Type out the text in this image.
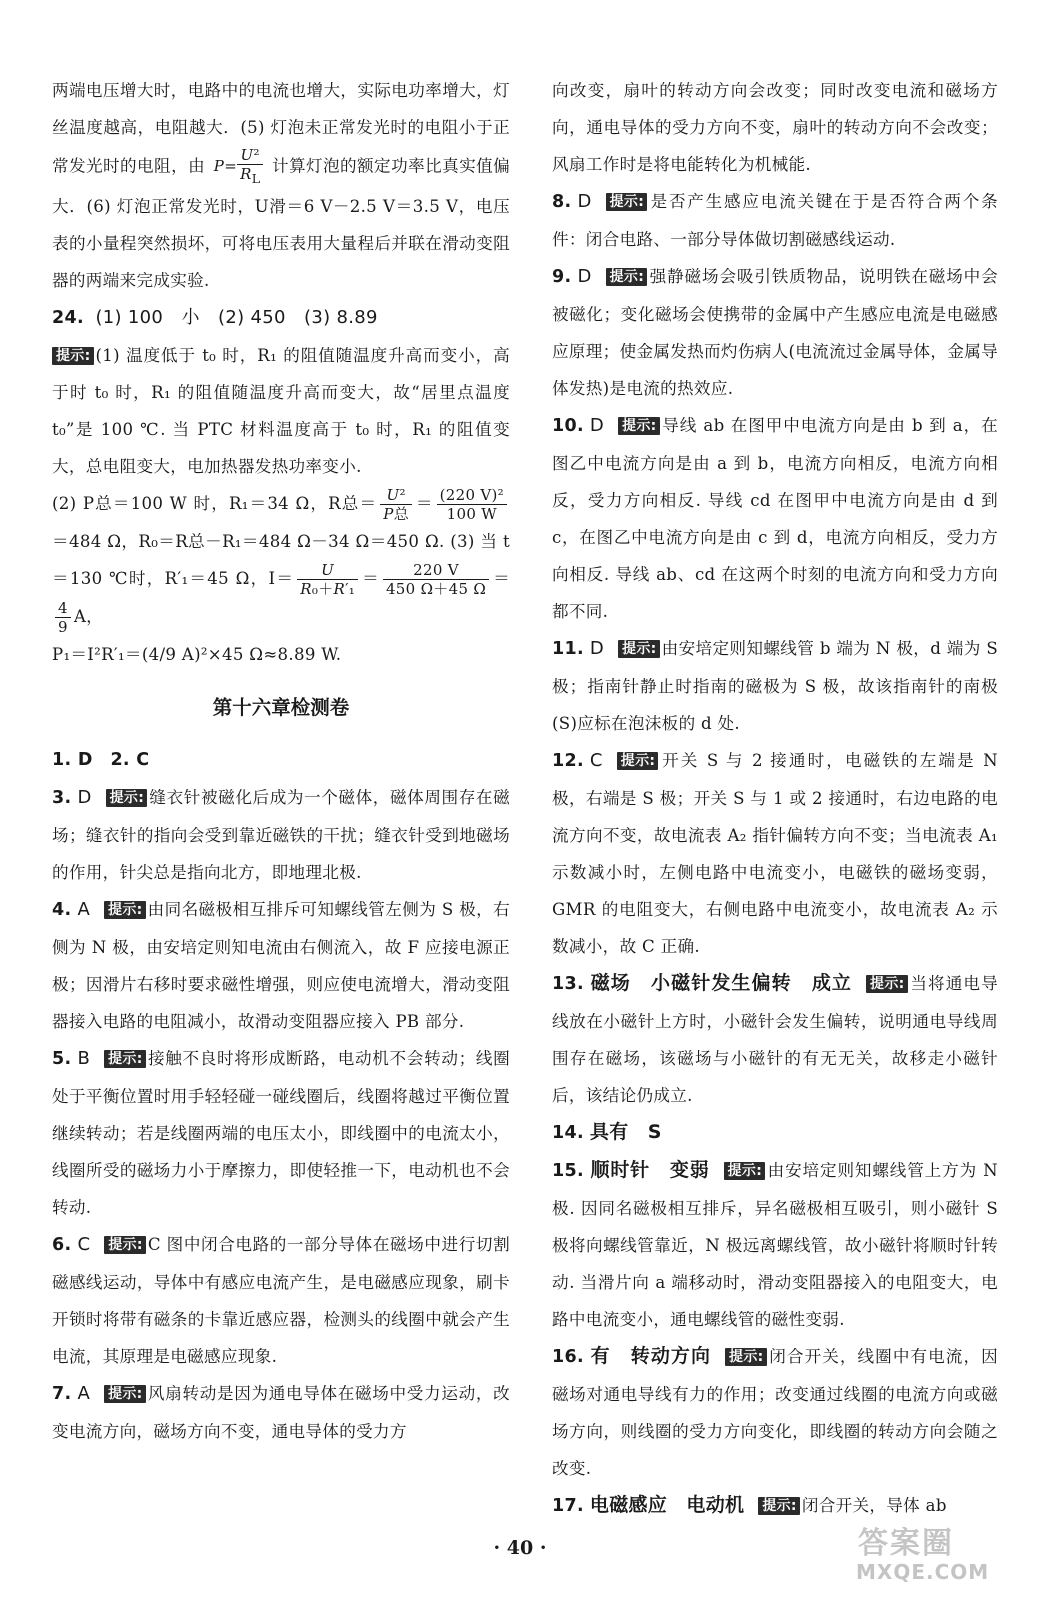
两端电压增大时，电路中的电流也增大，实际电功率增大，灯丝温度越高，电阻越大．(5) 灯泡未正常发光时的电阻小于正常发光时的电阻，由 $P= \frac{\text{U²}}{R_L}$ 计算灯泡的额定功率比真实值偏大．(6) 灯泡正常发光时，U滑＝6 V－2.5 V＝3.5 V，电压表的小量程突然损坏，可将电压表用大量程后并联在滑动变阻器的两端来完成实验.

24. (1) 100　小　(2) 450　(3) 8.89

提示: (1) 温度低于 t₀ 时，R₁ 的阻值随温度升高而变小，高于时 t₀ 时，R₁ 的阻值随温度升高而变大，故“居里点温度 t₀”是 100 ℃. 当 PTC 材料温度高于 t₀ 时，R₁ 的阻值变大，总电阻变大，电加热器发热功率变小.

(2) P总＝100 W 时，R₁＝34 Ω，R总＝ $\frac{\text{U²}}{\text{P总}} = \frac{\text{(220 V)²}}{100 W}$
＝484 Ω，R₀＝R总－R₁＝484 Ω－34 Ω＝450 Ω. (3) 当 t＝130 ℃时，R′₁＝45 Ω，$I= \frac{U}{\text{R₀＋R′₁}} = \frac{220 V}{450 \Omega+45 \Omega}$ ＝
$\frac{4}{9}$ A，

P₁＝I²R′₁＝(4/9 A)²×45 Ω≈8.89 W.

第十六章检测卷

1. D　2. C

3. D 提示: 缝衣针被磁化后成为一个磁体，磁体周围存在磁场；缝衣针的指向会受到靠近磁铁的干扰；缝衣针受到地磁场的作用，针尖总是指向北方，即地理北极.

4. A 提示: 由同名磁极相互排斥可知螺线管左侧为 S 极，右侧为 N 极，由安培定则知电流由右侧流入，故 F 应接电源正极；因滑片右移时要求磁性增强，则应使电流增大，滑动变阻器接入电路的电阻减小，故滑动变阻器应接入 PB 部分.

5. B 提示: 接触不良时将形成断路，电动机不会转动；线圈处于平衡位置时用手轻轻碰一碰线圈后，线圈将越过平衡位置继续转动；若是线圈两端的电压太小，即线圈中的电流太小，线圈所受的磁场力小于摩擦力，即使轻推一下，电动机也不会转动.

6. C 提示: C 图中闭合电路的一部分导体在磁场中进行切割磁感线运动，导体中有感应电流产生，是电磁感应现象，刷卡开锁时将带有磁条的卡靠近感应器，检测头的线圈中就会产生电流，其原理是电磁感应现象.

7. A 提示: 风扇转动是因为通电导体在磁场中受力运动，改变电流方向，磁场方向不变，通电导体的受力方

向改变，扇叶的转动方向会改变；同时改变电流和磁场方向，通电导体的受力方向不变，扇叶的转动方向不会改变；风扇工作时是将电能转化为机械能.

8. D 提示: 是否产生感应电流关键在于是否符合两个条件：闭合电路、一部分导体做切割磁感线运动.

9. D 提示: 强静磁场会吸引铁质物品，说明铁在磁场中会被磁化；变化磁场会使携带的金属中产生感应电流是电磁感应原理；使金属发热而灼伤病人(电流流过金属导体，金属导体发热)是电流的热效应.

10. D 提示: 导线 ab 在图甲中电流方向是由 b 到 a，在图乙中电流方向是由 a 到 b，电流方向相反，电流方向相反，受力方向相反. 导线 cd 在图甲中电流方向是由 d 到 c，在图乙中电流方向是由 c 到 d，电流方向相反，受力方向相反. 导线 ab、cd 在这两个时刻的电流方向和受力方向都不同.

11. D 提示: 由安培定则知螺线管 b 端为 N 极，d 端为 S 极；指南针静止时指南的磁极为 S 极，故该指南针的南极(S)应标在泡沫板的 d 处.

12. C 提示: 开关 S 与 2 接通时，电磁铁的左端是 N 极，右端是 S 极；开关 S 与 1 或 2 接通时，右边电路的电流方向不变，故电流表 A₂ 指针偏转方向不变；当电流表 A₁ 示数减小时，左侧电路中电流变小，电磁铁的磁场变弱，GMR 的电阻变大，右侧电路中电流变小，故电流表 A₂ 示数减小，故 C 正确.

13. 磁场　小磁针发生偏转　成立 提示: 当将通电导线放在小磁针上方时，小磁针会发生偏转，说明通电导线周围存在磁场，该磁场与小磁针的有无无关，故移走小磁针后，该结论仍成立.

14. 具有　S

15. 顺时针　变弱 提示: 由安培定则知螺线管上方为 N 极. 因同名磁极相互排斥，异名磁极相互吸引，则小磁针 S 极将向螺线管靠近，N 极远离螺线管，故小磁针将顺时针转动. 当滑片向 a 端移动时，滑动变阻器接入的电阻变大，电路中电流变小，通电螺线管的磁性变弱.

16. 有　转动方向 提示: 闭合开关，线圈中有电流，因磁场对通电导线有力的作用；改变通过线圈的电流方向或磁场方向，则线圈的受力方向变化，即线圈的转动方向会随之改变.

17. 电磁感应　电动机 提示: 闭合开关，导体 ab

· 40 ·	答案圈
MXQE.COM
